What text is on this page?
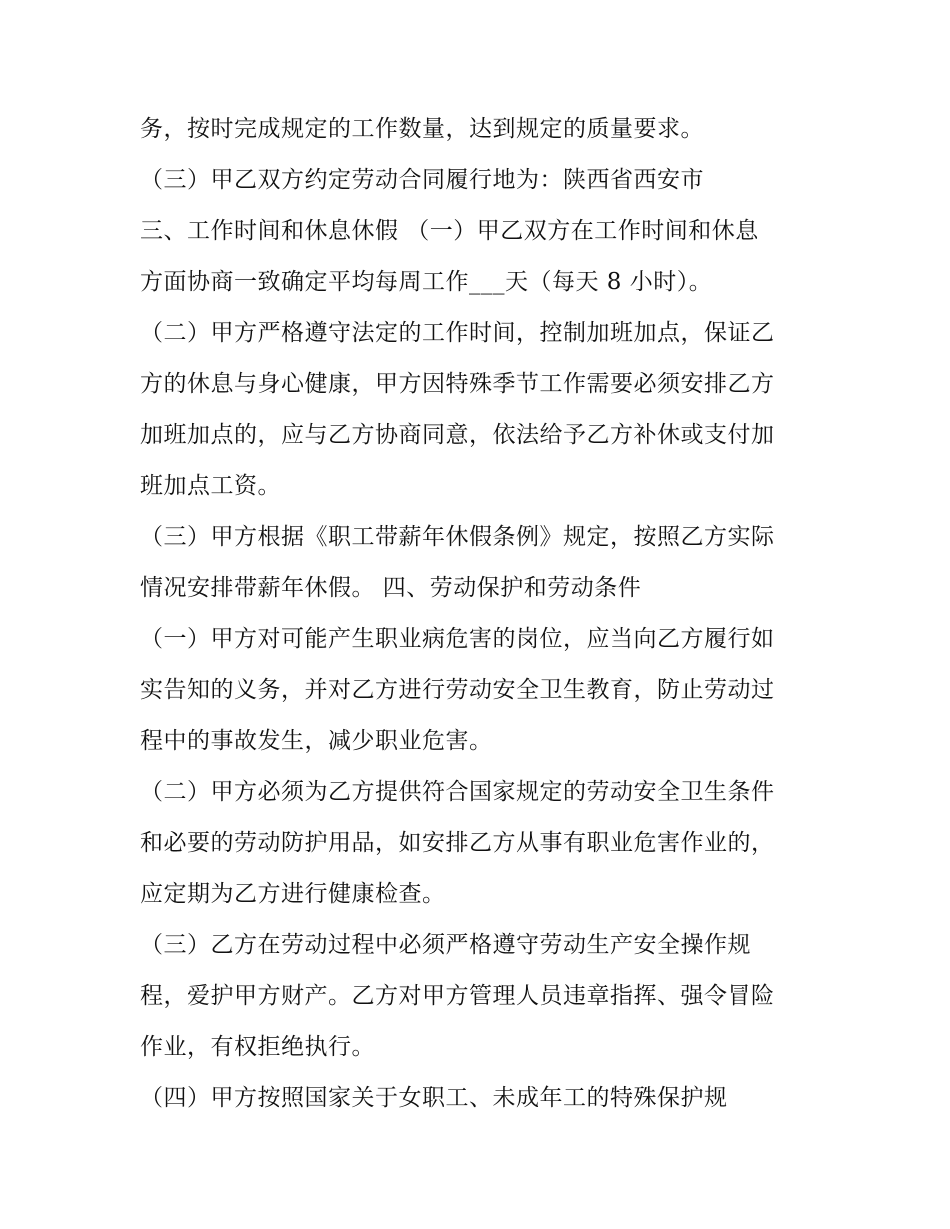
务，按时完成规定的工作数量，达到规定的质量要求。
（三）甲乙双方约定劳动合同履行地为：陕西省西安市
三、工作时间和休息休假 （一）甲乙双方在工作时间和休息
方面协商一致确定平均每周工作___天（每天 8 小时）。
（二）甲方严格遵守法定的工作时间，控制加班加点，保证乙
方的休息与身心健康，甲方因特殊季节工作需要必须安排乙方
加班加点的，应与乙方协商同意，依法给予乙方补休或支付加
班加点工资。
（三）甲方根据《职工带薪年休假条例》规定，按照乙方实际
情况安排带薪年休假。 四、劳动保护和劳动条件
（一）甲方对可能产生职业病危害的岗位，应当向乙方履行如
实告知的义务，并对乙方进行劳动安全卫生教育，防止劳动过
程中的事故发生，减少职业危害。
（二）甲方必须为乙方提供符合国家规定的劳动安全卫生条件
和必要的劳动防护用品，如安排乙方从事有职业危害作业的，
应定期为乙方进行健康检查。
（三）乙方在劳动过程中必须严格遵守劳动生产安全操作规
程，爱护甲方财产。乙方对甲方管理人员违章指挥、强令冒险
作业，有权拒绝执行。
（四）甲方按照国家关于女职工、未成年工的特殊保护规
